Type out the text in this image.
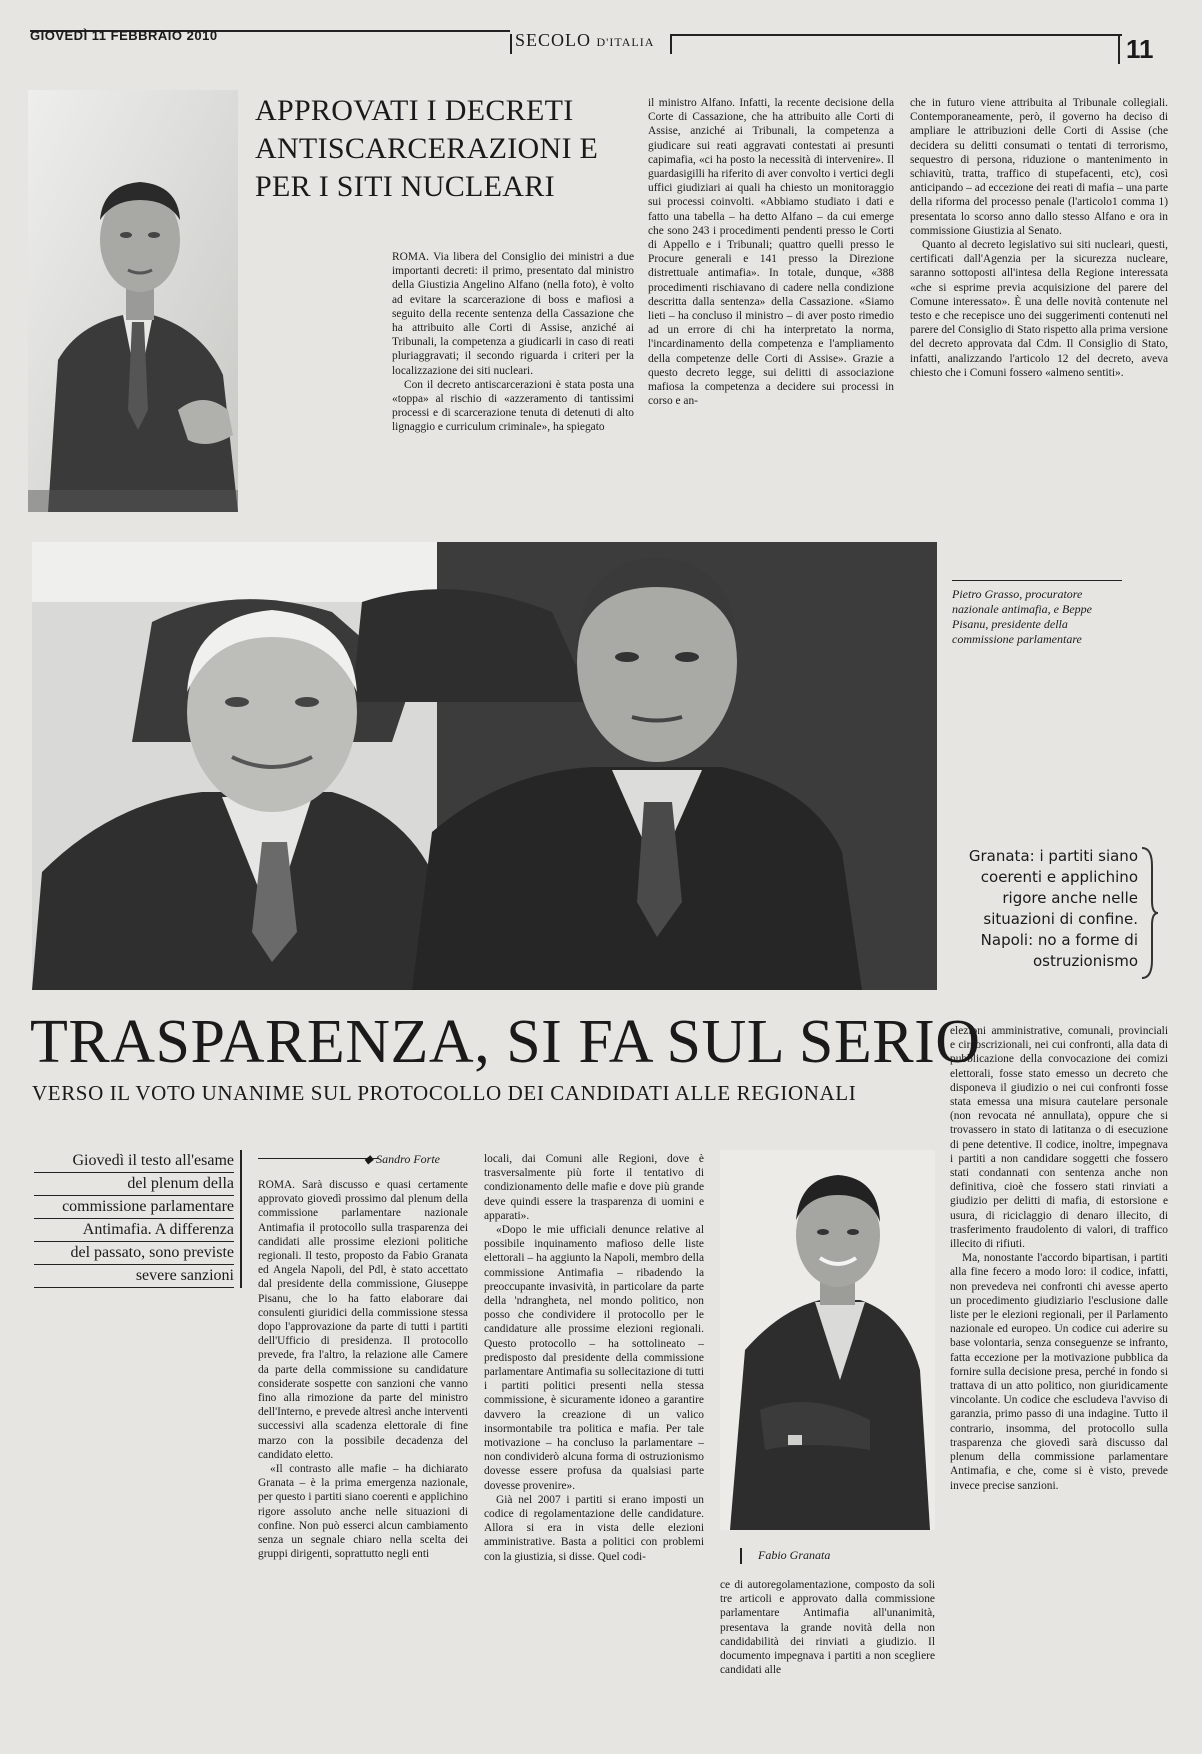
GIOVEDÌ 11 FEBBRAIO 2010	SECOLO D'ITALIA	11
APPROVATI I DECRETI ANTISCARCERAZIONI E PER I SITI NUCLEARI

ROMA. Via libera del Consiglio dei ministri a due importanti decreti: il primo, presentato dal ministro della Giustizia Angelino Alfano (nella foto), è volto ad evitare la scarcerazione di boss e mafiosi a seguito della recente sentenza della Cassazione che ha attribuito alle Corti di Assise, anziché ai Tribunali, la competenza a giudicarli in caso di reati pluriaggravati; il secondo riguarda i criteri per la localizzazione dei siti nucleari.

Con il decreto antiscarcerazioni è stata posta una «toppa» al rischio di «azzeramento di tantissimi processi e di scarcerazione tenuta di detenuti di alto lignaggio e curriculum criminale», ha spiegato

il ministro Alfano. Infatti, la recente decisione della Corte di Cassazione, che ha attribuito alle Corti di Assise, anziché ai Tribunali, la competenza a giudicare sui reati aggravati contestati ai presunti capimafia, «ci ha posto la necessità di intervenire». Il guardasigilli ha riferito di aver convolto i vertici degli uffici giudiziari ai quali ha chiesto un monitoraggio sui processi coinvolti. «Abbiamo studiato i dati e fatto una tabella – ha detto Alfano – da cui emerge che sono 243 i procedimenti pendenti presso le Corti di Appello e i Tribunali; quattro quelli presso le Procure generali e 141 presso la Direzione distrettuale antimafia». In totale, dunque, «388 procedimenti rischiavano di cadere nella condizione descritta dalla sentenza» della Cassazione. «Siamo lieti – ha concluso il ministro – di aver posto rimedio ad un errore di chi ha interpretato la norma, l'incardinamento della competenza e l'ampliamento della competenze delle Corti di Assise». Grazie a questo decreto legge, sui delitti di associazione mafiosa la competenza a decidere sui processi in corso e an-

che in futuro viene attribuita al Tribunale collegiali. Contemporaneamente, però, il governo ha deciso di ampliare le attribuzioni delle Corti di Assise (che decidera su delitti consumati o tentati di terrorismo, sequestro di persona, riduzione o mantenimento in schiavitù, tratta, traffico di stupefacenti, etc), così anticipando – ad eccezione dei reati di mafia – una parte della riforma del processo penale (l'articolo1 comma 1) presentata lo scorso anno dallo stesso Alfano e ora in commissione Giustizia al Senato.

Quanto al decreto legislativo sui siti nucleari, questi, certificati dall'Agenzia per la sicurezza nucleare, saranno sottoposti all'intesa della Regione interessata «che si esprime previa acquisizione del parere del Comune interessato». È una delle novità contenute nel testo e che recepisce uno dei suggerimenti contenuti nel parere del Consiglio di Stato rispetto alla prima versione del decreto approvata dal Cdm. Il Consiglio di Stato, infatti, analizzando l'articolo 12 del decreto, aveva chiesto che i Comuni fossero «almeno sentiti».

Pietro Grasso, procuratore nazionale antimafia, e Beppe Pisanu, presidente della commissione parlamentare
Granata: i partiti siano coerenti e applichino rigore anche nelle situazioni di confine. Napoli: no a forme di ostruzionismo
TRASPARENZA, SI FA SUL SERIO
VERSO IL VOTO UNANIME SUL PROTOCOLLO DEI CANDIDATI ALLE REGIONALI
Giovedì il testo all'esame
del plenum della
commissione parlamentare
Antimafia. A differenza
del passato, sono previste
severe sanzioni
◆ Sandro Forte

ROMA. Sarà discusso e quasi certamente approvato giovedì prossimo dal plenum della commissione parlamentare nazionale Antimafia il protocollo sulla trasparenza dei candidati alle prossime elezioni politiche regionali. Il testo, proposto da Fabio Granata ed Angela Napoli, del Pdl, è stato accettato dal presidente della commissione, Giuseppe Pisanu, che lo ha fatto elaborare dai consulenti giuridici della commissione stessa dopo l'approvazione da parte di tutti i partiti dell'Ufficio di presidenza. Il protocollo prevede, fra l'altro, la relazione alle Camere da parte della commissione su candidature considerate sospette con sanzioni che vanno fino alla rimozione da parte del ministro dell'Interno, e prevede altresì anche interventi successivi alla scadenza elettorale di fine marzo con la possibile decadenza del candidato eletto.

«Il contrasto alle mafie – ha dichiarato Granata – è la prima emergenza nazionale, per questo i partiti siano coerenti e applichino rigore assoluto anche nelle situazioni di confine. Non può esserci alcun cambiamento senza un segnale chiaro nella scelta dei gruppi dirigenti, soprattutto negli enti

locali, dai Comuni alle Regioni, dove è trasversalmente più forte il tentativo di condizionamento delle mafie e dove più grande deve quindi essere la trasparenza di uomini e apparati».

«Dopo le mie ufficiali denunce relative al possibile inquinamento mafioso delle liste elettorali – ha aggiunto la Napoli, membro della commissione Antimafia – ribadendo la preoccupante invasività, in particolare da parte della 'ndrangheta, nel mondo politico, non posso che condividere il protocollo per le candidature alle prossime elezioni regionali. Questo protocollo – ha sottolineato – predisposto dal presidente della commissione parlamentare Antimafia su sollecitazione di tutti i partiti politici presenti nella stessa commissione, è sicuramente idoneo a garantire davvero la creazione di un valico insormontabile tra politica e mafia. Per tale motivazione – ha concluso la parlamentare – non condividerò alcuna forma di ostruzionismo dovesse essere profusa da qualsiasi parte dovesse provenire».

Già nel 2007 i partiti si erano imposti un codice di regolamentazione delle candidature. Allora si era in vista delle elezioni amministrative. Basta a politici con problemi con la giustizia, si disse. Quel codi-	Fabio Granata

ce di autoregolamentazione, composto da soli tre articoli e approvato dalla commissione parlamentare Antimafia all'unanimità, presentava la grande novità della non candidabilità dei rinviati a giudizio. Il documento impegnava i partiti a non scegliere candidati alle

elezioni amministrative, comunali, provinciali e circoscrizionali, nei cui confronti, alla data di pubblicazione della convocazione dei comizi elettorali, fosse stato emesso un decreto che disponeva il giudizio o nei cui confronti fosse stata emessa una misura cautelare personale (non revocata né annullata), oppure che si trovassero in stato di latitanza o di esecuzione di pene detentive. Il codice, inoltre, impegnava i partiti a non candidare soggetti che fossero stati condannati con sentenza anche non definitiva, cioè che fossero stati rinviati a giudizio per delitti di mafia, di estorsione e usura, di riciclaggio di denaro illecito, di trasferimento fraudolento di valori, di traffico illecito di rifiuti.

Ma, nonostante l'accordo bipartisan, i partiti alla fine fecero a modo loro: il codice, infatti, non prevedeva nei confronti chi avesse aperto un procedimento giudiziario l'esclusione dalle liste per le elezioni regionali, per il Parlamento nazionale ed europeo. Un codice cui aderire su base volontaria, senza conseguenze se infranto, fatta eccezione per la motivazione pubblica da fornire sulla decisione presa, perché in fondo si trattava di un atto politico, non giuridicamente vincolante. Un codice che escludeva l'avviso di garanzia, primo passo di una indagine. Tutto il contrario, insomma, del protocollo sulla trasparenza che giovedì sarà discusso dal plenum della commissione parlamentare Antimafia, e che, come si è visto, prevede invece precise sanzioni.
